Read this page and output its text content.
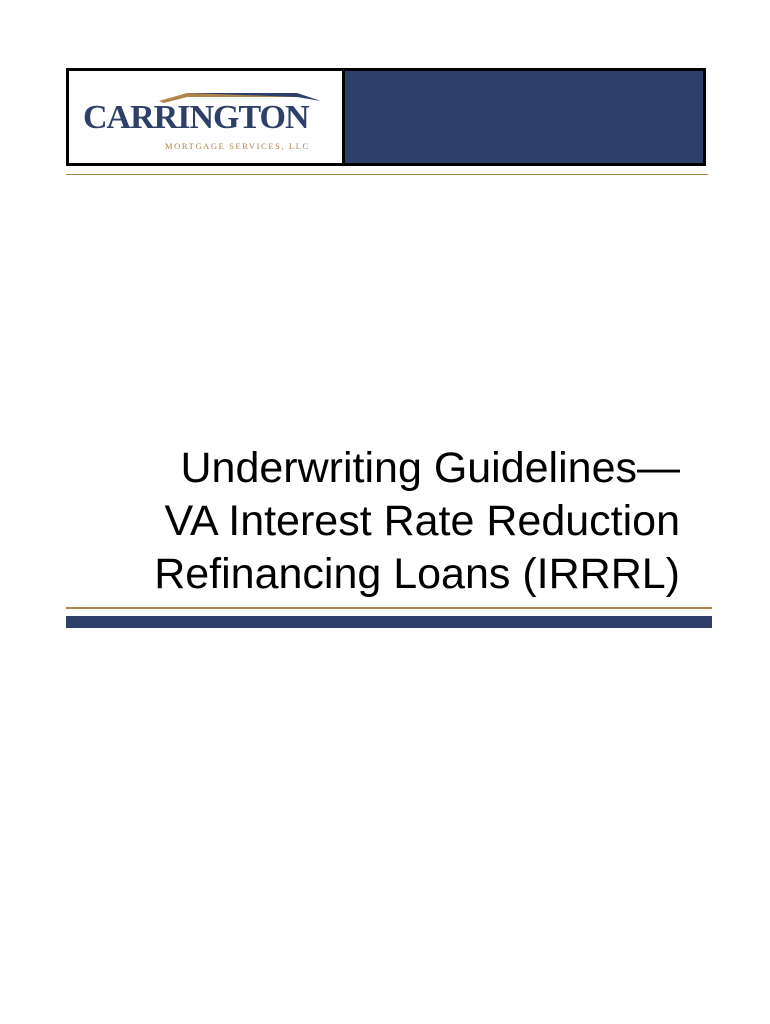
CARRINGTON
MORTGAGE SERVICES, LLC
Underwriting Guidelines—
VA Interest Rate Reduction
Refinancing Loans (IRRRL)
